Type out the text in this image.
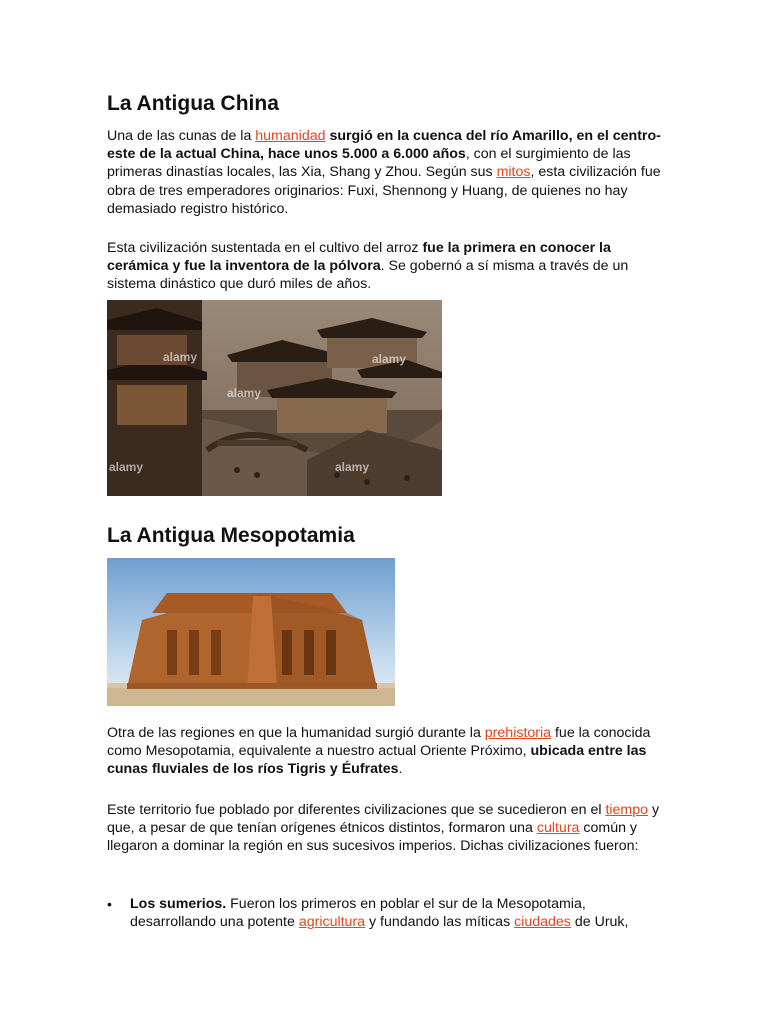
La Antigua China

Una de las cunas de la humanidad surgió en la cuenca del río Amarillo, en el centro-este de la actual China, hace unos 5.000 a 6.000 años, con el surgimiento de las primeras dinastías locales, las Xia, Shang y Zhou. Según sus mitos, esta civilización fue obra de tres emperadores originarios: Fuxi, Shennong y Huang, de quienes no hay demasiado registro histórico.

Esta civilización sustentada en el cultivo del arroz fue la primera en conocer la cerámica y fue la inventora de la pólvora. Se gobernó a sí misma a través de un sistema dinástico que duró miles de años.

alamy	alamy
alamy
alamy	alamy
La Antigua Mesopotamia

Otra de las regiones en que la humanidad surgió durante la prehistoria fue la conocida como Mesopotamia, equivalente a nuestro actual Oriente Próximo, ubicada entre las cunas fluviales de los ríos Tigris y Éufrates.

Este territorio fue poblado por diferentes civilizaciones que se sucedieron en el tiempo y que, a pesar de que tenían orígenes étnicos distintos, formaron una cultura común y llegaron a dominar la región en sus sucesivos imperios. Dichas civilizaciones fueron:

• Los sumerios. Fueron los primeros en poblar el sur de la Mesopotamia, desarrollando una potente agricultura y fundando las míticas ciudades de Uruk,
